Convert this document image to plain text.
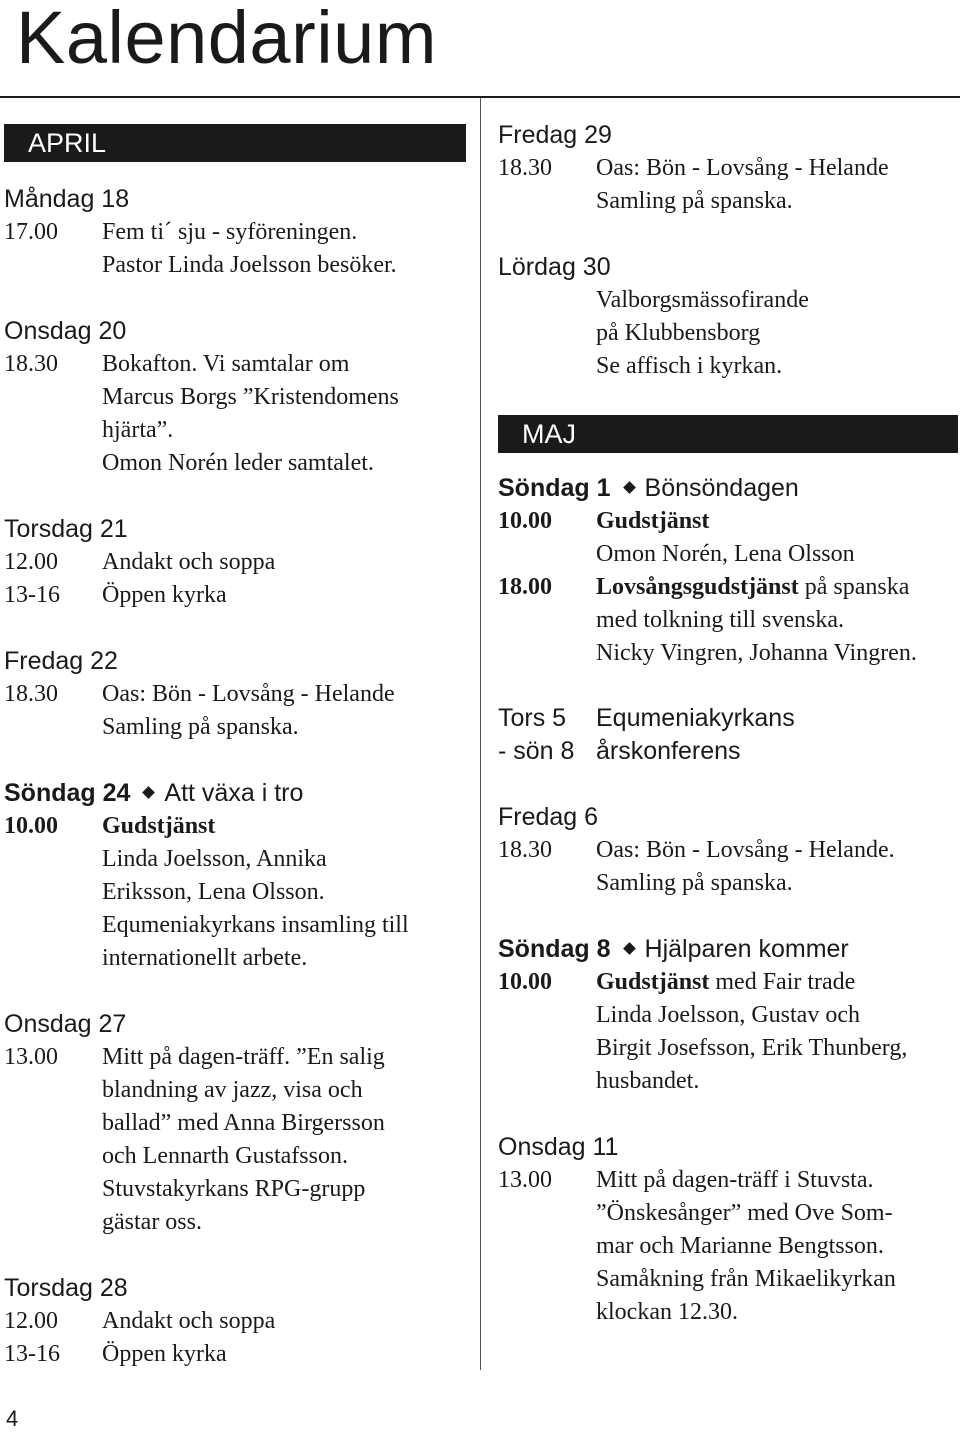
Kalendarium
APRIL
Måndag 18
17.00	Fem ti´ sju - syföreningen.
Pastor Linda Joelsson besöker.
Onsdag 20
18.30	Bokafton. Vi samtalar om
Marcus Borgs ”Kristendomens
hjärta”.
Omon Norén leder samtalet.
Torsdag 21
12.00	Andakt och soppa
13-16	Öppen kyrka
Fredag 22
18.30	Oas: Bön - Lovsång - Helande
Samling på spanska.
Söndag 24 Att växa i tro
10.00	Gudstjänst
Linda Joelsson, Annika
Eriksson, Lena Olsson.
Equmeniakyrkans insamling till
internationellt arbete.
Onsdag 27
13.00	Mitt på dagen-träff. ”En salig
blandning av jazz, visa och
ballad” med Anna Birgersson
och Lennarth Gustafsson.
Stuvstakyrkans RPG-grupp
gästar oss.
Torsdag 28
12.00	Andakt och soppa
13-16	Öppen kyrka
Fredag 29
18.30	Oas: Bön - Lovsång - Helande
Samling på spanska.
Lördag 30
Valborgsmässofirande
på Klubbensborg
Se affisch i kyrkan.
MAJ
Söndag 1 Bönsöndagen
10.00	Gudstjänst
Omon Norén, Lena Olsson
18.00	Lovsångsgudstjänst på spanska
med tolkning till svenska.
Nicky Vingren, Johanna Vingren.
Tors 5	Equmeniakyrkans
- sön 8 årskonferens
Fredag 6
18.30	Oas: Bön - Lovsång - Helande.
Samling på spanska.
Söndag 8 Hjälparen kommer
10.00	Gudstjänst med Fair trade
Linda Joelsson, Gustav och
Birgit Josefsson, Erik Thunberg,
husbandet.
Onsdag 11
13.00	Mitt på dagen-träff i Stuvsta.
”Önskesånger” med Ove Som-
mar och Marianne Bengtsson.
Samåkning från Mikaelikyrkan
klockan 12.30.

4
